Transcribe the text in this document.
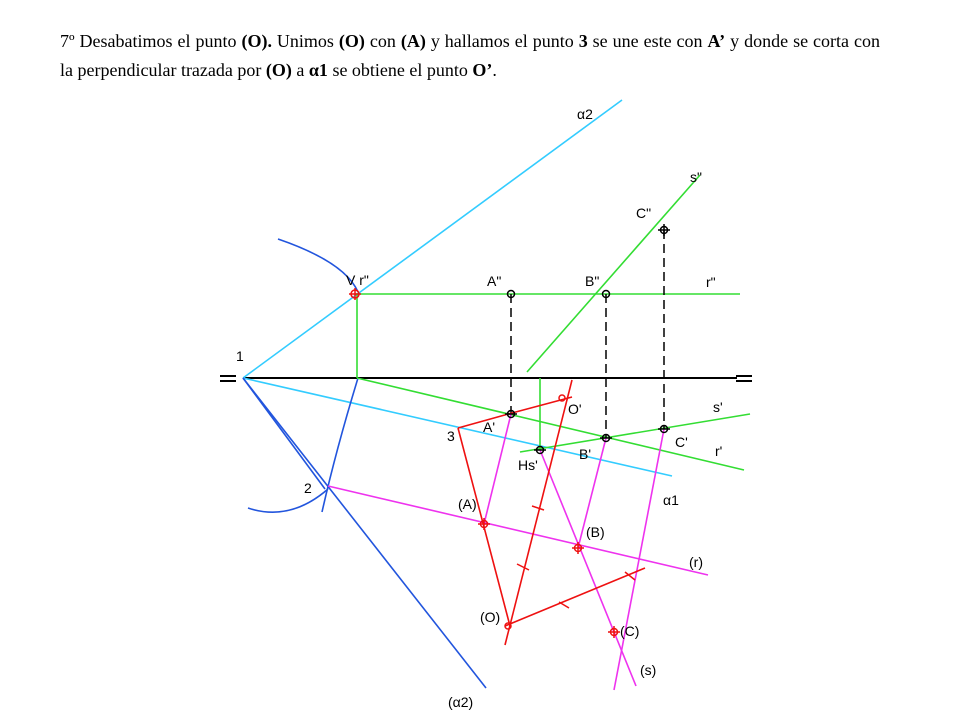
7º Desabatimos el punto (O). Unimos (O) con (A) y hallamos el punto 3 se une este con A’ y donde se corta con la perpendicular trazada por (O) a α1 se obtiene el punto O’.
α2
(α2)
α1
V r"	A"	B"
C"
r"
s"
1
2
3
O'
A'
B'
C'
Hs'
s'
r'
(A)
(B)
(C)
(O)
(r)
(s)
